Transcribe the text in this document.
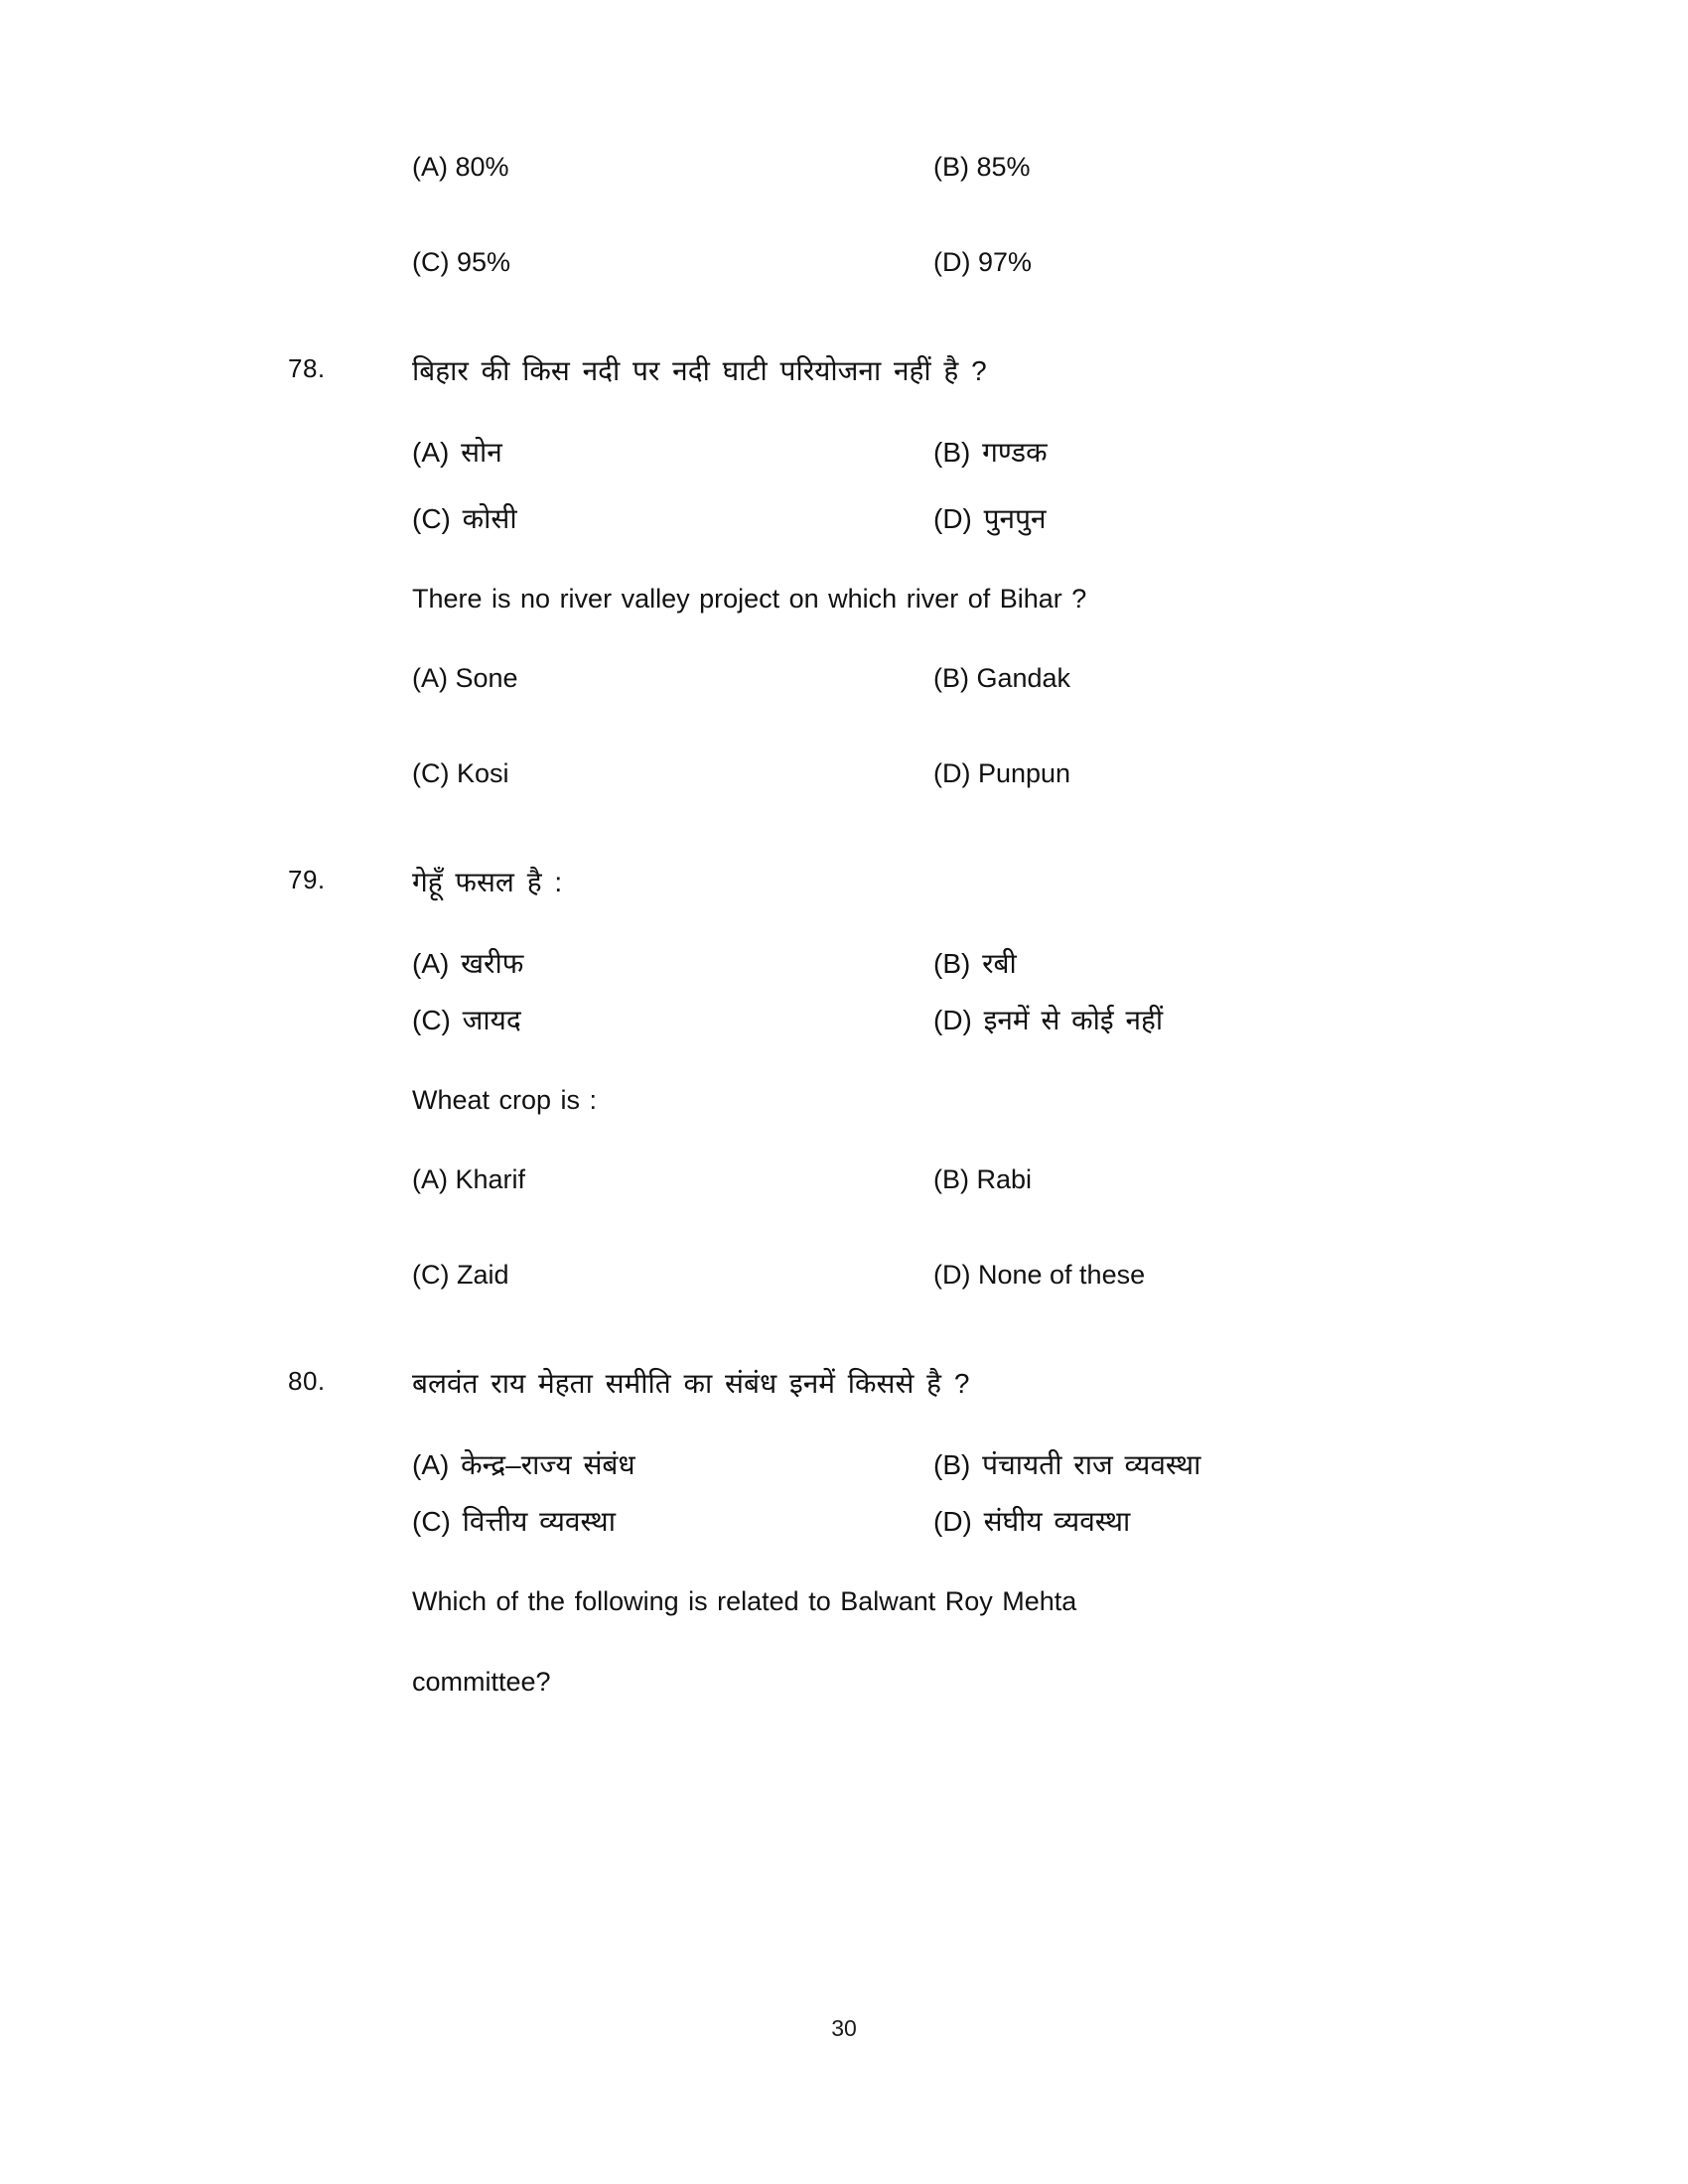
(A) 80%	(B) 85%
(C) 95%	(D) 97%
78.	बिहार की किस नदी पर नदी घाटी परियोजना नहीं है ?
(A) सोन	(B) गण्डक
(C) कोसी	(D) पुनपुन
There is no river valley project on which river of Bihar ?
(A) Sone	(B) Gandak
(C) Kosi	(D) Punpun
79.	गेहूँ फसल है :
(A) खरीफ	(B) रबी
(C) जायद	(D) इनमें से कोई नहीं
Wheat crop is :
(A) Kharif	(B) Rabi
(C) Zaid	(D) None of these
80.	बलवंत राय मेहता समीति का संबंध इनमें किससे है ?
(A) केन्द्र–राज्य संबंध	(B) पंचायती राज व्यवस्था
(C) वित्तीय व्यवस्था	(D) संघीय व्यवस्था
Which of the following is related to Balwant Roy Mehta
committee?
30
